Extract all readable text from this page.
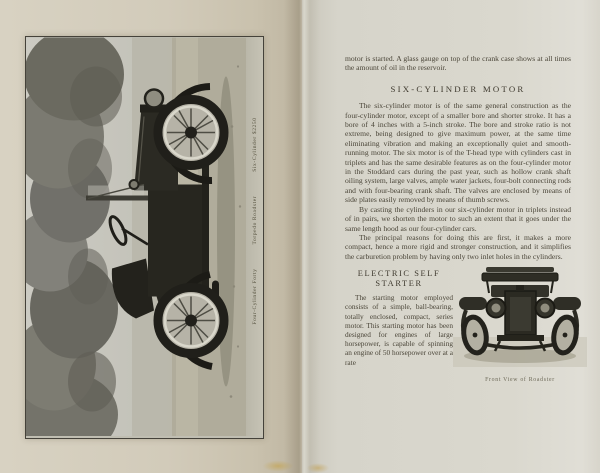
Four-Cylinder FortyTorpedo RoadsterSix-Cylinder $2250

motor is started. A glass gauge on top of the crank case shows at all times the amount of oil in the reservoir.

SIX-CYLINDER MOTOR

The six-cylinder motor is of the same general construction as the four-cylinder motor, except of a smaller bore and shorter stroke. It has a bore of 4 inches with a 5-inch stroke. The bore and stroke ratio is not extreme, being designed to give maximum power, at the same time eliminating vibration and making an exceptionally quiet and smooth-running motor. The six motor is of the T-head type with cylinders cast in triplets and has the same desirable features as on the four-cylinder motor in the Stoddard cars during the past year, such as hollow crank shaft oiling system, large valves, ample water jackets, four-bolt connecting rods and with four-bearing crank shaft. The valves are enclosed by means of side plates easily removed by means of thumb screws.

By casting the cylinders in our six-cylinder motor in triplets instead of in pairs, we shorten the motor to such an extent that it goes under the same length hood as our four-cylinder cars.

The principal reasons for doing this are first, it makes a more compact, hence a more rigid and stronger construction, and it simplifies the carburetion problem by having only two inlet holes in the cylinders.

ELECTRIC SELF
STARTER

The starting motor employed consists of a simple, ball-bearing, totally enclosed, compact, series motor. This starting motor has been designed for engines of large horsepower, is capable of spinning an engine of 50 horsepower over at a rate

Front View of Roadster
